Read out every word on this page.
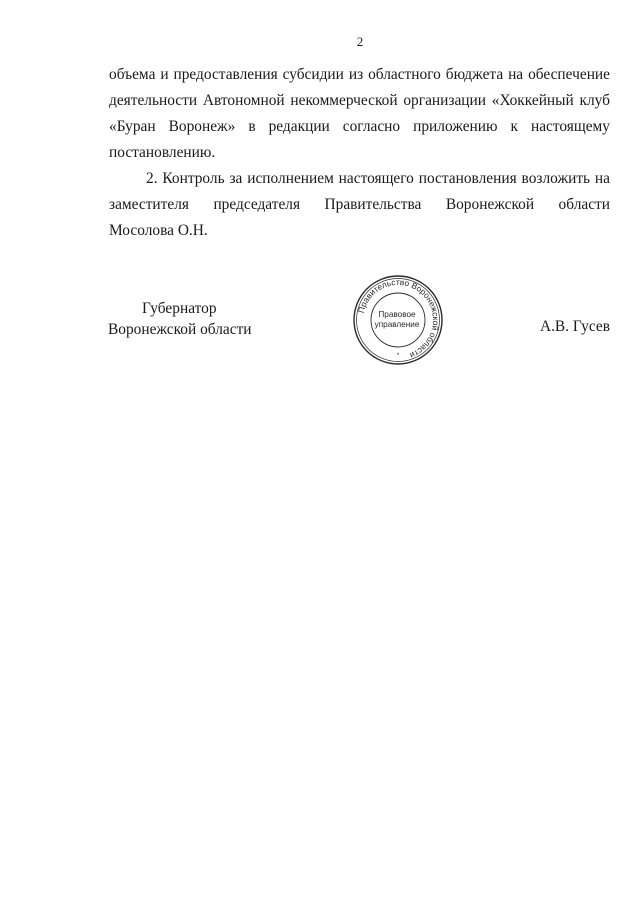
2

объема и предоставления субсидии из областного бюджета на обеспечение
деятельности Автономной некоммерческой организации «Хоккейный клуб
«Буран Воронеж» в редакции согласно приложению к настоящему
постановлению.

2. Контроль за исполнением настоящего постановления возложить на
заместителя председателя Правительства Воронежской области
Мосолова О.Н.

Губернатор
Воронежской области
Правительство Воронежской области
Правовое
управление
*
А.В. Гусев
